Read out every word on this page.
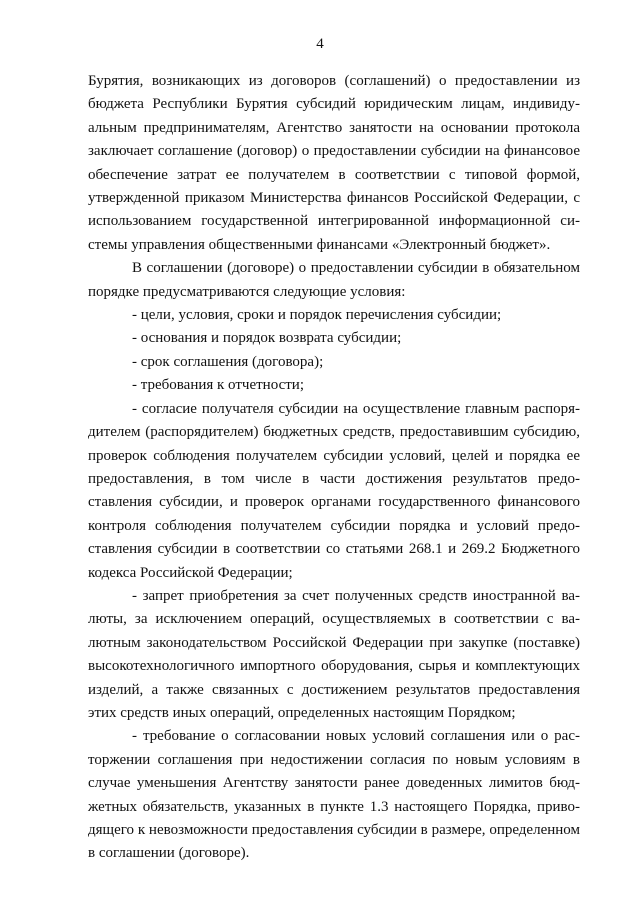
4

Бурятия, возникающих из договоров (соглашений) о предоставлении из бюджета Республики Бурятия субсидий юридическим лицам, индивидуальным предпринимателям, Агентство занятости на основании протокола заключает соглашение (договор) о предоставлении субсидии на финансовое обеспечение затрат ее получателем в соответствии с типовой формой, утвержденной приказом Министерства финансов Российской Федерации, с использованием государственной интегрированной информационной системы управления общественными финансами «Электронный бюджет».

В соглашении (договоре) о предоставлении субсидии в обязательном порядке предусматриваются следующие условия:

- цели, условия, сроки и порядок перечисления субсидии;

- основания и порядок возврата субсидии;

- срок соглашения (договора);

- требования к отчетности;

- согласие получателя субсидии на осуществление главным распорядителем (распорядителем) бюджетных средств, предоставившим субсидию, проверок соблюдения получателем субсидии условий, целей и порядка ее предоставления, в том числе в части достижения результатов предоставления субсидии, и проверок органами государственного финансового контроля соблюдения получателем субсидии порядка и условий предоставления субсидии в соответствии со статьями 268.1 и 269.2 Бюджетного кодекса Российской Федерации;

- запрет приобретения за счет полученных средств иностранной валюты, за исключением операций, осуществляемых в соответствии с валютным законодательством Российской Федерации при закупке (поставке) высокотехнологичного импортного оборудования, сырья и комплектующих изделий, а также связанных с достижением результатов предоставления этих средств иных операций, определенных настоящим Порядком;

- требование о согласовании новых условий соглашения или о расторжении соглашения при недостижении согласия по новым условиям в случае уменьшения Агентству занятости ранее доведенных лимитов бюджетных обязательств, указанных в пункте 1.3 настоящего Порядка, приводящего к невозможности предоставления субсидии в размере, определенном в соглашении (договоре).
